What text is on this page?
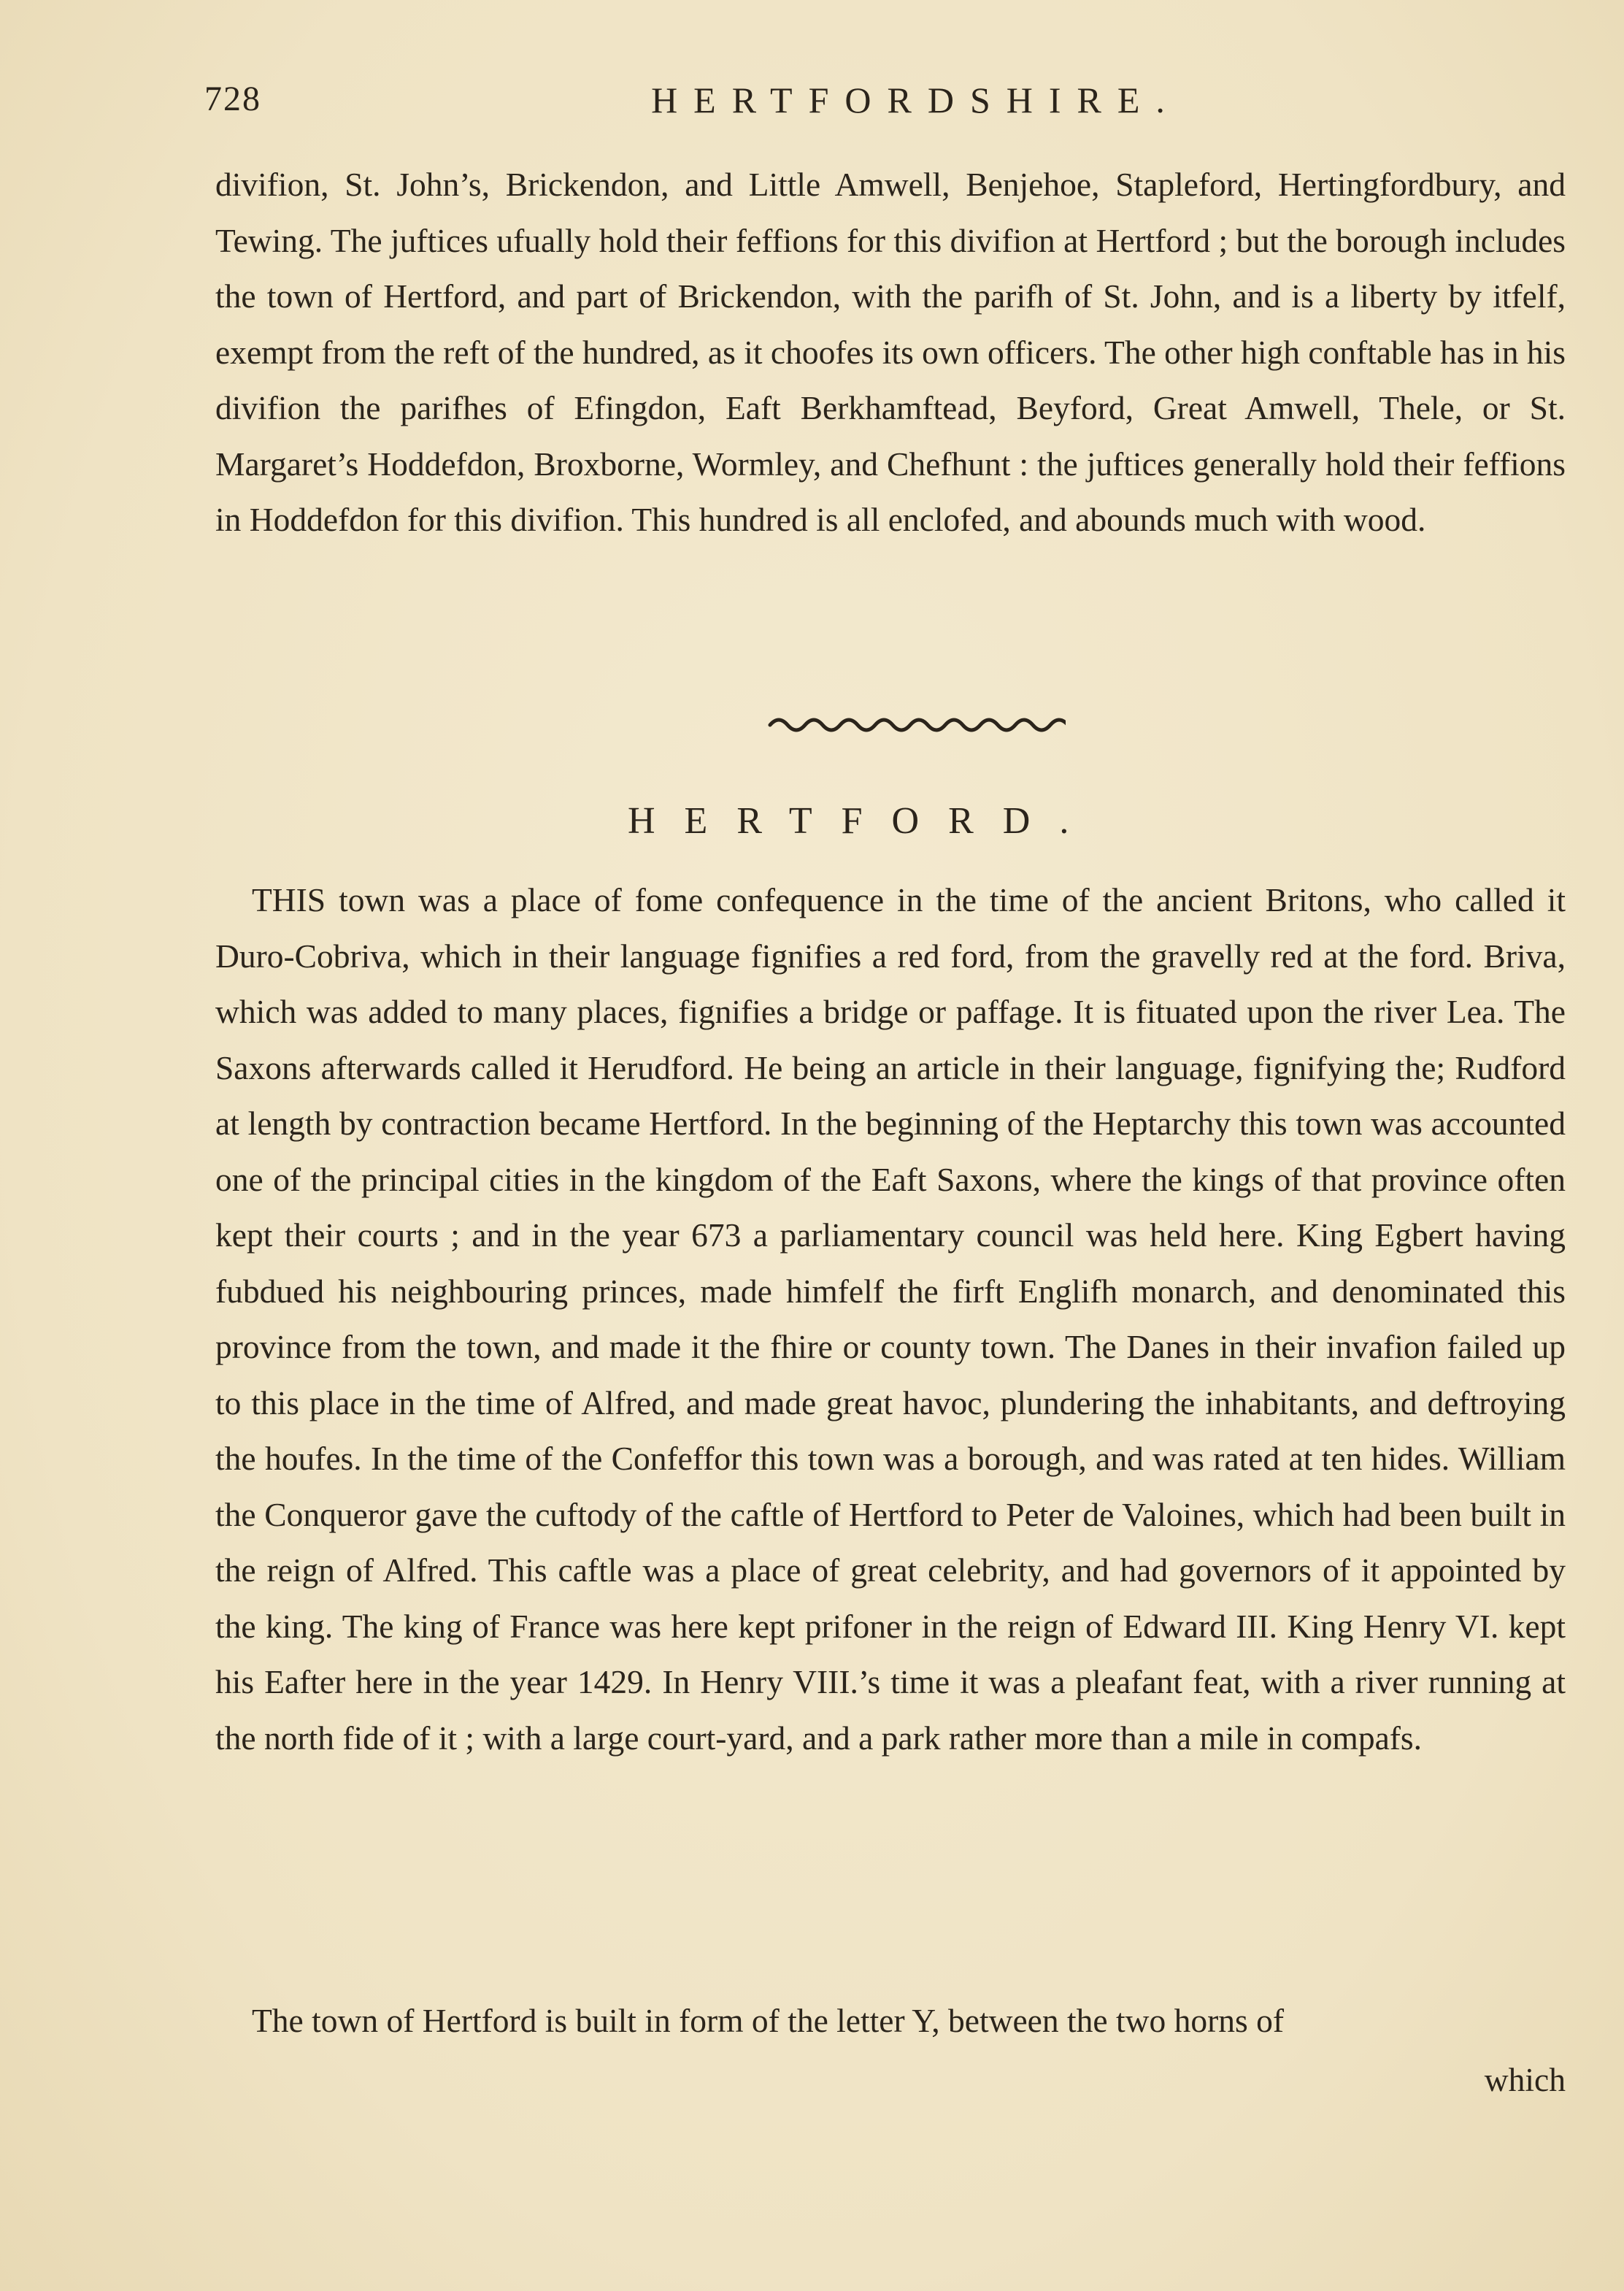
728	HERTFORDSHIRE.

divifion, St. John’s, Brickendon, and Little Amwell, Benjehoe, Stapleford, Hertingfordbury, and Tewing. The juftices ufually hold their feffions for this divifion at Hertford ; but the borough includes the town of Hertford, and part of Brickendon, with the parifh of St. John, and is a liberty by itfelf, exempt from the reft of the hundred, as it choofes its own officers. The other high conftable has in his divifion the parifhes of Efingdon, Eaft Berkhamftead, Beyford, Great Amwell, Thele, or St. Margaret’s Hoddefdon, Broxborne, Wormley, and Chefhunt : the juftices generally hold their feffions in Hoddefdon for this divifion. This hundred is all enclofed, and abounds much with wood.

HERTFORD.

THIS town was a place of fome confequence in the time of the ancient Britons, who called it Duro-Cobriva, which in their language fignifies a red ford, from the gravelly red at the ford. Briva, which was added to many places, fignifies a bridge or paffage. It is fituated upon the river Lea. The Saxons afterwards called it Herudford. He being an article in their language, fignifying the; Rudford at length by contraction became Hertford. In the beginning of the Heptarchy this town was accounted one of the principal cities in the kingdom of the Eaft Saxons, where the kings of that province often kept their courts ; and in the year 673 a parliamentary council was held here. King Egbert having fubdued his neighbouring princes, made himfelf the firft Englifh monarch, and denominated this province from the town, and made it the fhire or county town. The Danes in their invafion failed up to this place in the time of Alfred, and made great havoc, plundering the inhabitants, and deftroying the houfes. In the time of the Confeffor this town was a borough, and was rated at ten hides. William the Conqueror gave the cuftody of the caftle of Hertford to Peter de Valoines, which had been built in the reign of Alfred. This caftle was a place of great celebrity, and had governors of it appointed by the king. The king of France was here kept prifoner in the reign of Edward III. King Henry VI. kept his Eafter here in the year 1429. In Henry VIII.’s time it was a pleafant feat, with a river running at the north fide of it ; with a large court-yard, and a park rather more than a mile in compafs.

The town of Hertford is built in form of the letter Y, between the two horns of

which
